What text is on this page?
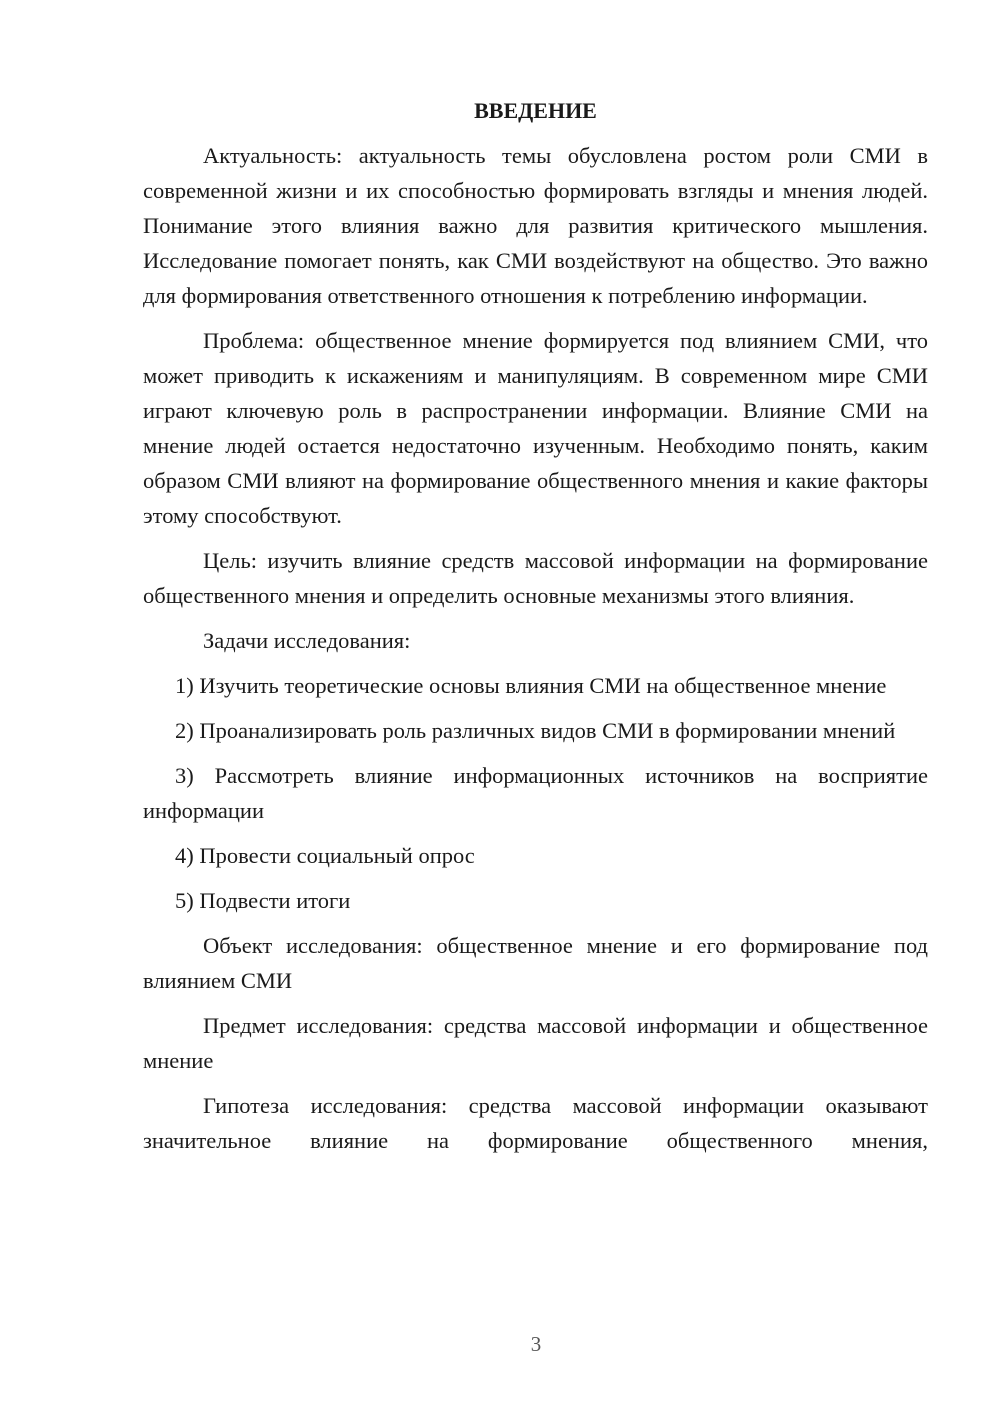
ВВЕДЕНИЕ

Актуальность: актуальность темы обусловлена ростом роли СМИ в современной жизни и их способностью формировать взгляды и мнения людей. Понимание этого влияния важно для развития критического мышления. Исследование помогает понять, как СМИ воздействуют на общество. Это важно для формирования ответственного отношения к потреблению информации.

Проблема: общественное мнение формируется под влиянием СМИ, что может приводить к искажениям и манипуляциям. В современном мире СМИ играют ключевую роль в распространении информации. Влияние СМИ на мнение людей остается недостаточно изученным. Необходимо понять, каким образом СМИ влияют на формирование общественного мнения и какие факторы этому способствуют.

Цель: изучить влияние средств массовой информации на формирование общественного мнения и определить основные механизмы этого влияния.

Задачи исследования:

1) Изучить теоретические основы влияния СМИ на общественное мнение

2) Проанализировать роль различных видов СМИ в формировании мнений

3) Рассмотреть влияние информационных источников на восприятие информации

4) Провести социальный опрос

5) Подвести итоги

Объект исследования: общественное мнение и его формирование под влиянием СМИ

Предмет исследования: средства массовой информации и общественное мнение

Гипотеза исследования: средства массовой информации оказывают значительное влияние на формирование общественного мнения,

3
